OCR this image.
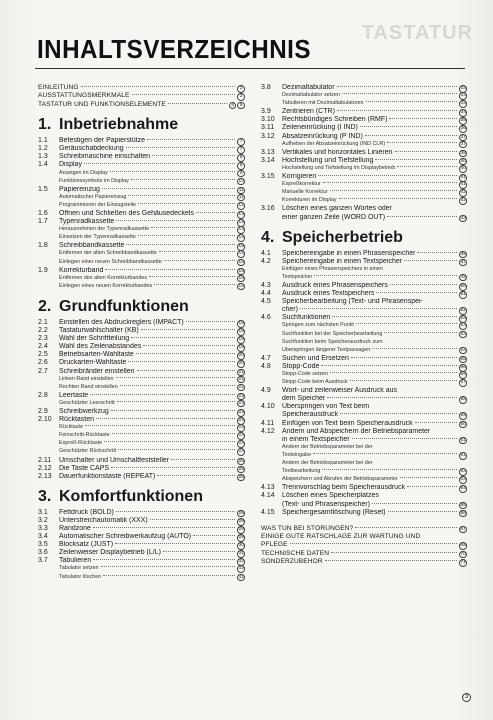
TASTATUR
INHALTSVERZEICHNIS
EINLEITUNG	2
AUSSTATTUNGSMERKMALE	2
TASTATUR UND FUNKTIONSELEMENTE	4	5
1. Inbetriebnahme
1.1	Befestigen der Papierstütze	7
1.2	Geräuschabdeckung	7
1.3	Schreibmaschine einschalten	8
1.4	Display	8
Anzeigen im Display	9
Funktionssymbole im Display	10
1.5	Papiereinzug	11
Automatischer Papiereinzug	11
Programmieren der Einzugsteile	12
1.6	Öffnen und Schließen des Gehäusedeckels	13
1.7	Typenradkassette	14
Herausnehmen der Typenradkassette	14
Einsetzen der Typenradkassette	14
1.8	Schreibbandkassette	15
Entfernen der alten Schreibbandkassette	15
Einlegen einer neuen Schreibbandkassette	15
1.9	Korrekturband	16
Entfernen des alten Korrekturbandes	16
Einlegen eines neuen Korrekturbandes	16
2. Grundfunktionen
2.1	Einstellen des Abdruckreglers (IMPACT)	18
2.2	Tastaturwahlschalter (KB)	18
2.3	Wahl der Schriftteilung	19
2.4	Wahl des Zeilenabstandes	19
2.5	Betriebsarten-Wahltaste	20
2.6	Druckarten-Wahltaste	20
2.7	Schreibränder einstellen	21
Linken Rand einstellen	21
Rechten Rand einstellen	22
2.8	Leertaste	23
Geschützter Leerschritt	23
2.9	Schreibwerkzug	23
2.10	Rücktasten	24
Rücktaste	24
Feinschritt-Rücktaste	24
Expreß-Rücktaste	24
Geschützter Rückschritt	24
2.11	Umschalter und Umschaltfeststeller	25
2.12	Die Taste CAPS	25
2.13	Dauerfunktionstaste (REPEAT)	26
3. Komfortfunktionen
3.1	Fettdruck (BOLD)	28
3.2	Unterstreichautomatik (XXX)	28
3.3	Randzone	29
3.4	Automatischer Schreibwerkaufzug (AUTO)	29
3.5	Blocksatz (JUST)	30
3.6	Zeilenweiser Displaybetrieb (L/L)	31
3.7	Tabulieren	32
Tabulator setzen	32
Tabulator löschen	32
3.8	Dezimaltabulator	33
Dezimaltabulator setzen	33
Tabulieren mit Dezimaltabulatoren	33
3.9	Zentrieren (CTR)	34
3.10	Rechtsbündiges Schreiben (RMF)	35
3.11	Zeileneinrückung (I IND)	36
3.12	Absatzeinrückung (P IND)	37
Aufheben der Absatzeinrückung (IND CLR)	37
3.13	Vertikales und horizontales Linieren	38
3.14	Hochstellung und Tiefstellung	40
Hochstellung und Tiefstellung im Displaybetrieb	40
3.15	Korrigieren	41
Expreßkorrektur	41
Manuelle Korrektur	42
Korrekturen im Display	42
3.16	Löschen eines ganzen Wortes oder
einer ganzen Zeile (WORD OUT)	43
4. Speicherbetrieb
4.1	Speichereingabe in einen Phrasenspeicher	45
4.2	Speichereingabe in einen Textspeicher	47
Einfügen eines Phrasenspeichers in einen
Textspeicher	49
4.3	Ausdruck eines Phrasenspeichers	50
4.4	Ausdruck eines Textspeichers	51
4.5	Speicherbearbeitung (Text- und Phrasenspei-
cher)	52
4.6	Suchfunktionen	53
Springen zum nächsten Punkt	53
Suchfunktion bei der Speicherbearbeitung	53
Suchfunktion beim Speicherausdruck zum
Überspringen längerer Textpassagen	54
4.7	Suchen und Ersetzen	55
4.8	Stopp-Code	56
Stopp-Code setzen	56
Stopp-Code beim Ausdruck	57
4.9	Wort- und zeilenweiser Ausdruck aus
dem Speicher	58
4.10	Überspringen von Text beim
Speicherausdruck	59
4.11	Einfügen von Text beim Speicherausdruck	60
4.12	Ändern und Abspeichern der Betriebsparameter
in einem Textspeicher	61
Ändern der Betriebsparameter bei der
Texteingabe	61
Ändern der Betriebsparameter bei der
Textbearbeitung	62
Abspeichern und Abrufen der Betriebsparameter	63
4.13	Trennvorschlag beim Speicherausdruck	64
4.14	Löschen eines Speicherplatzes
(Text- und Phrasenspeicher)	65
4.15	Speichergesamtlöschung (Reset)	66
WAS TUN BEI STÖRUNGEN?	67
EINIGE GUTE RATSCHLÄGE ZUR WARTUNG UND
PFLEGE	69
TECHNISCHE DATEN	70
SONDERZUBEHÖR	71
3
